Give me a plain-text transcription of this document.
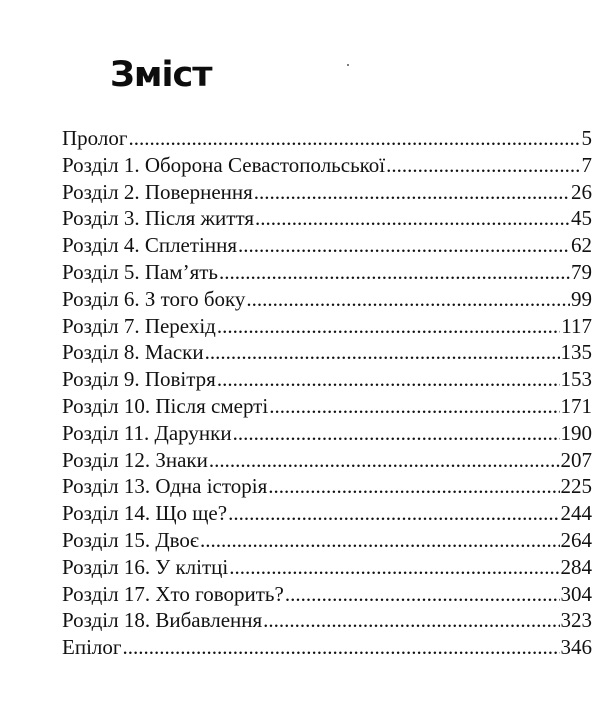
Зміст
Пролог .....	5
Розділ 1. Оборона Севастопольської .....	7
Розділ 2. Повернення .....	26
Розділ 3. Після життя .....	45
Розділ 4. Сплетіння .....	62
Розділ 5. Пам’ять .....	79
Розділ 6. З того боку .....	99
Розділ 7. Перехід .....	117
Розділ 8. Маски .....	135
Розділ 9. Повітря .....	153
Розділ 10. Після смерті .....	171
Розділ 11. Дарунки .....	190
Розділ 12. Знаки .....	207
Розділ 13. Одна історія .....	225
Розділ 14. Що ще? .....	244
Розділ 15. Двоє .....	264
Розділ 16. У клітці .....	284
Розділ 17. Хто говорить? .....	304
Розділ 18. Вибавлення .....	323
Епілог .....	346
